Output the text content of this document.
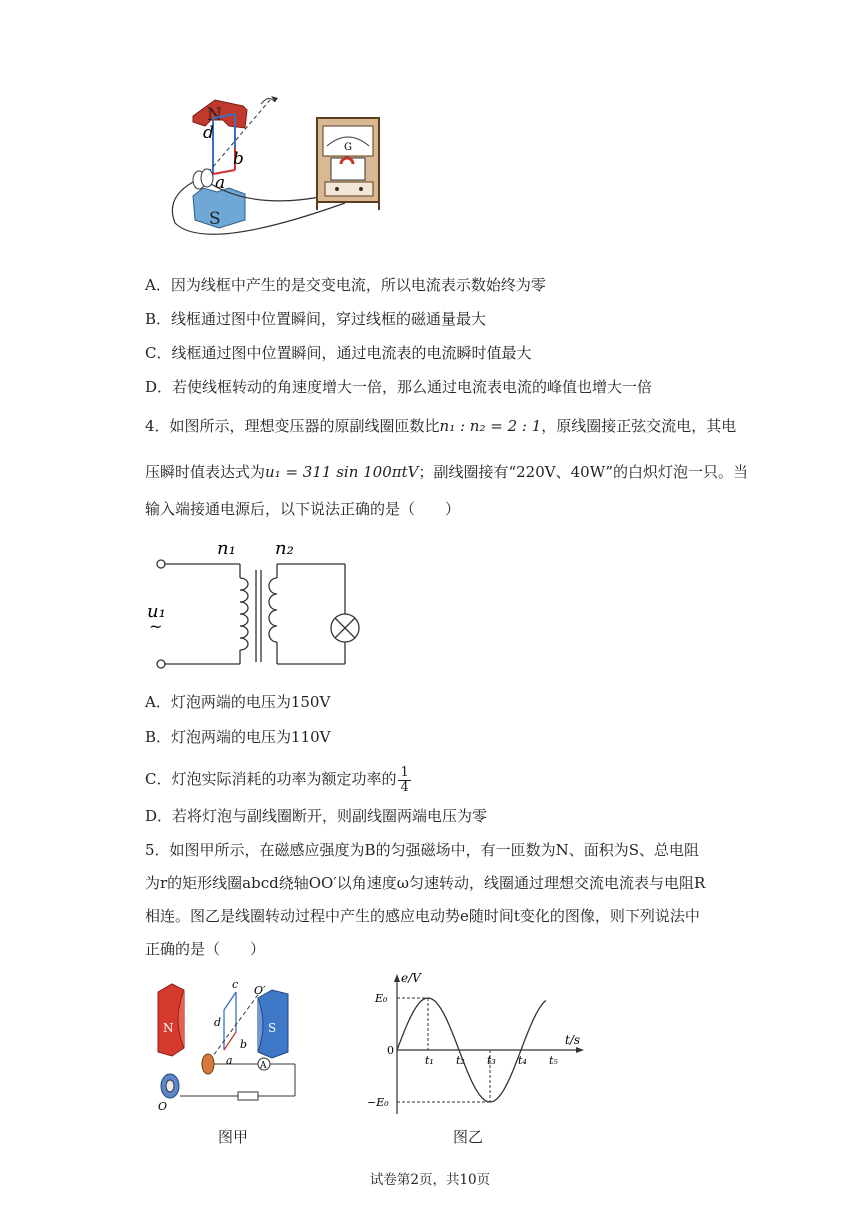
N
S
d
b
a
G
A．因为线框中产生的是交变电流，所以电流表示数始终为零
B．线框通过图中位置瞬间，穿过线框的磁通量最大
C．线框通过图中位置瞬间，通过电流表的电流瞬时值最大
D．若使线框转动的角速度增大一倍，那么通过电流表电流的峰值也增大一倍
4．如图所示，理想变压器的原副线圈匝数比n₁ : n₂ = 2 : 1，原线圈接正弦交流电，其电
压瞬时值表达式为u₁ = 311 sin 100πtV；副线圈接有“220V、40W”的白炽灯泡一只。当
输入端接通电源后，以下说法正确的是（　　）
n₁ n₂
u₁
~
A．灯泡两端的电压为150V
B．灯泡两端的电压为110V
C．灯泡实际消耗的功率为额定功率的 $\frac{1}{4}$
D．若将灯泡与副线圈断开，则副线圈两端电压为零
5．如图甲所示，在磁感应强度为B的匀强磁场中，有一匝数为N、面积为S、总电阻
为r的矩形线圈abcd绕轴OO′以角速度ω匀速转动，线圈通过理想交流电流表与电阻R
相连。图乙是线圈转动过程中产生的感应电动势e随时间t变化的图像，则下列说法中
正确的是（　　）
N	S
c
d
b
a
O′
O
A
图甲
e/V
t/s
E₀
0
−E₀
t₁ t₂ t₃ t₄ t₅
图乙
试卷第2页，共10页
